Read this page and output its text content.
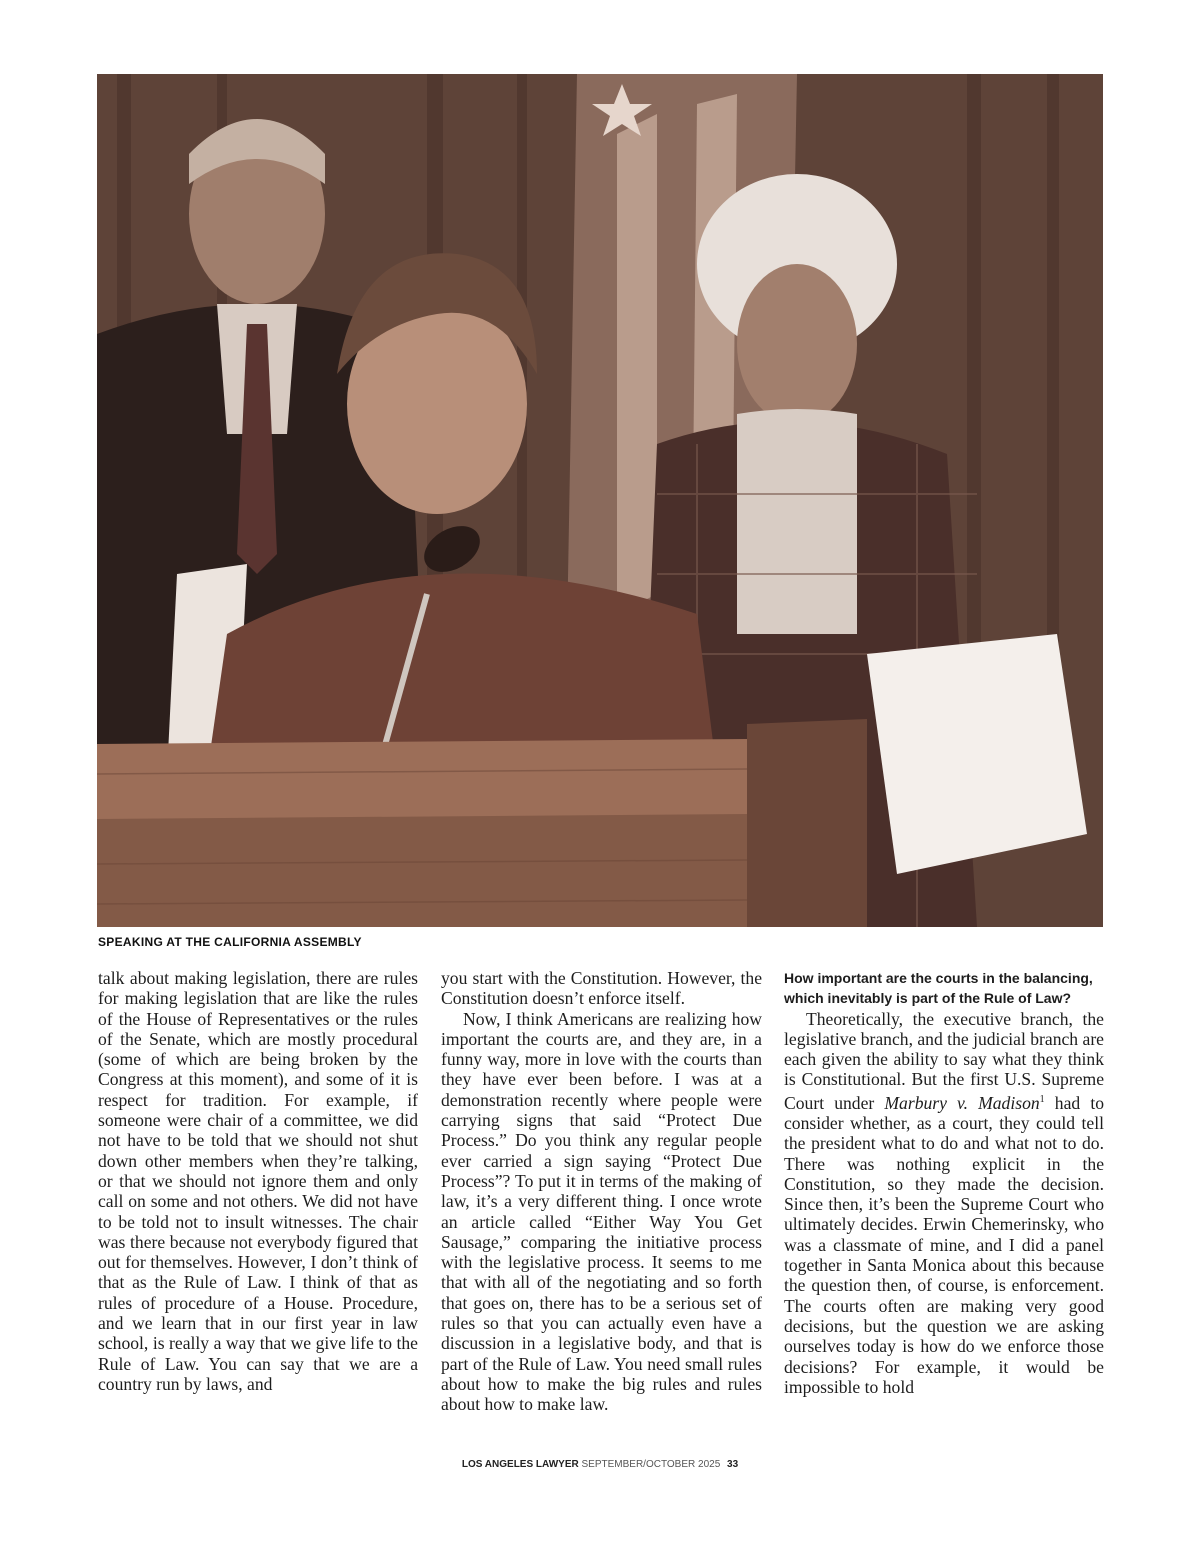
SPEAKING AT THE CALIFORNIA ASSEMBLY

talk about making legislation, there are rules for making legislation that are like the rules of the House of Representatives or the rules of the Senate, which are mostly procedural (some of which are being broken by the Congress at this moment), and some of it is respect for tradition. For example, if someone were chair of a committee, we did not have to be told that we should not shut down other members when they’re talking, or that we should not ignore them and only call on some and not others. We did not have to be told not to insult witnesses. The chair was there because not everybody figured that out for themselves. However, I don’t think of that as the Rule of Law. I think of that as rules of procedure of a House. Procedure, and we learn that in our first year in law school, is really a way that we give life to the Rule of Law. You can say that we are a country run by laws, and

you start with the Constitution. However, the Constitution doesn’t enforce itself.

Now, I think Americans are realizing how important the courts are, and they are, in a funny way, more in love with the courts than they have ever been before. I was at a demonstration recently where people were carrying signs that said “Protect Due Process.” Do you think any regular people ever carried a sign saying “Protect Due Process”? To put it in terms of the making of law, it’s a very different thing. I once wrote an article called “Either Way You Get Sausage,” comparing the initiative process with the legislative process. It seems to me that with all of the negotiating and so forth that goes on, there has to be a serious set of rules so that you can actually even have a discussion in a legislative body, and that is part of the Rule of Law. You need small rules about how to make the big rules and rules about how to make law.

How important are the courts in the balancing, which inevitably is part of the Rule of Law?

Theoretically, the executive branch, the legislative branch, and the judicial branch are each given the ability to say what they think is Constitutional. But the first U.S. Supreme Court under Marbury v. Madison$^1$ had to consider whether, as a court, they could tell the president what to do and what not to do. There was nothing explicit in the Constitution, so they made the decision. Since then, it’s been the Supreme Court who ultimately decides. Erwin Chemerinsky, who was a classmate of mine, and I did a panel together in Santa Monica about this because the question then, of course, is enforcement. The courts often are making very good decisions, but the question we are asking ourselves today is how do we enforce those decisions? For example, it would be impossible to hold

LOS ANGELES LAWYER SEPTEMBER/OCTOBER 2025 33
